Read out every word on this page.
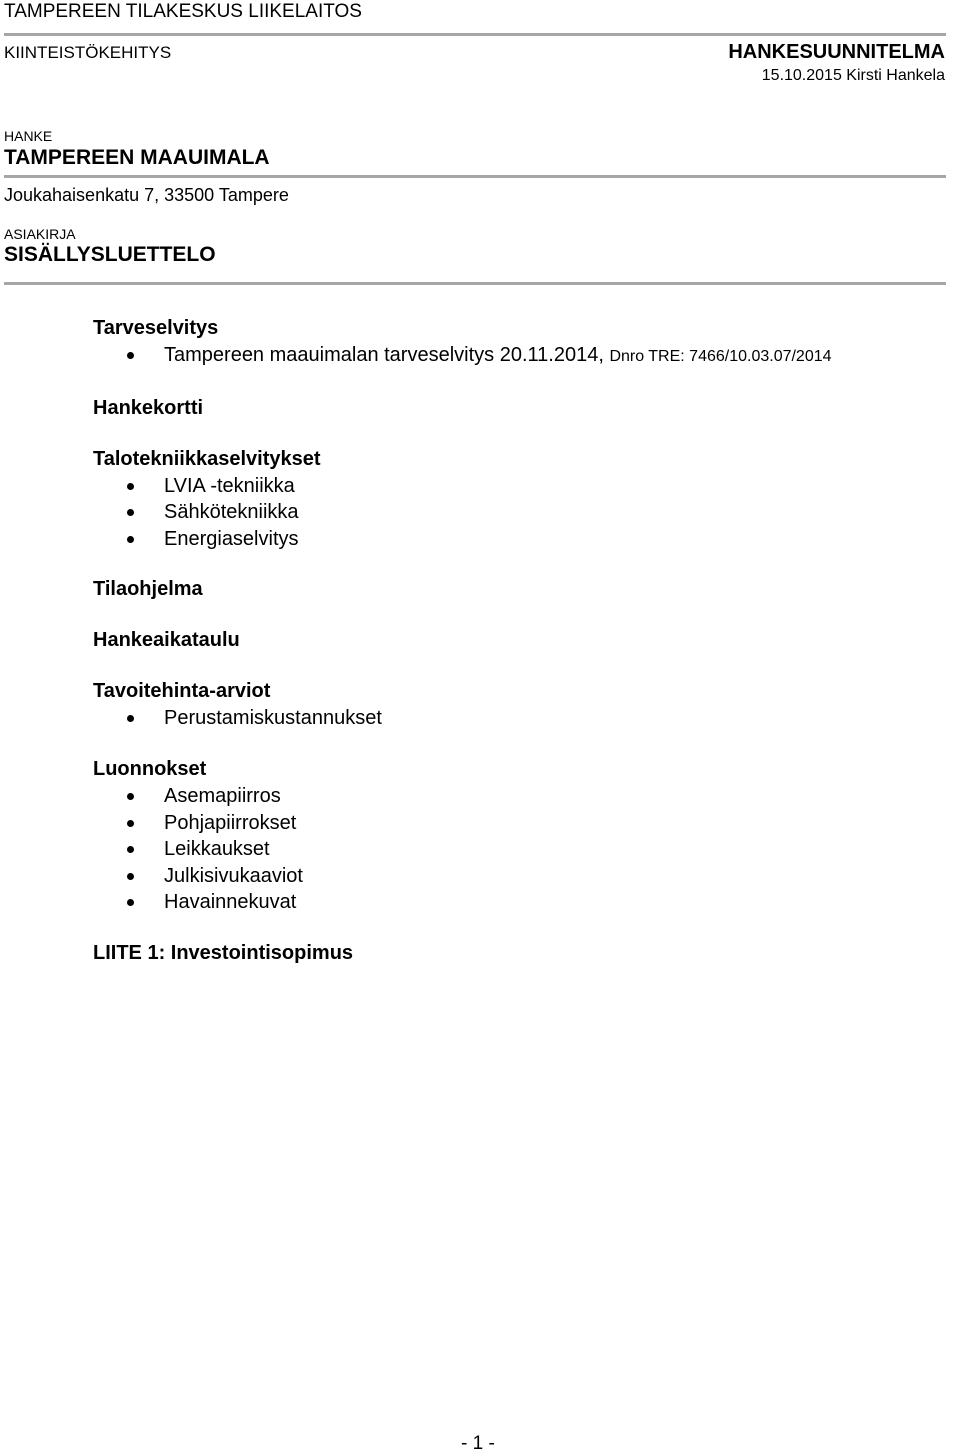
TAMPEREEN TILAKESKUS LIIKELAITOS
KIINTEISTÖKEHITYS	HANKESUUNNITELMA
15.10.2015 Kirsti Hankela
HANKE
TAMPEREEN MAAUIMALA
Joukahaisenkatu 7, 33500 Tampere
ASIAKIRJA
SISÄLLYSLUETTELO
Tarveselvitys
Tampereen maauimalan tarveselvitys 20.11.2014, Dnro TRE: 7466/10.03.07/2014
Hankekortti
Talotekniikkaselvitykset
LVIA -tekniikka
Sähkötekniikka
Energiaselvitys
Tilaohjelma
Hankeaikataulu
Tavoitehinta-arviot
Perustamiskustannukset
Luonnokset
Asemapiirros
Pohjapiirrokset
Leikkaukset
Julkisivukaaviot
Havainnekuvat
LIITE 1: Investointisopimus
- 1 -
